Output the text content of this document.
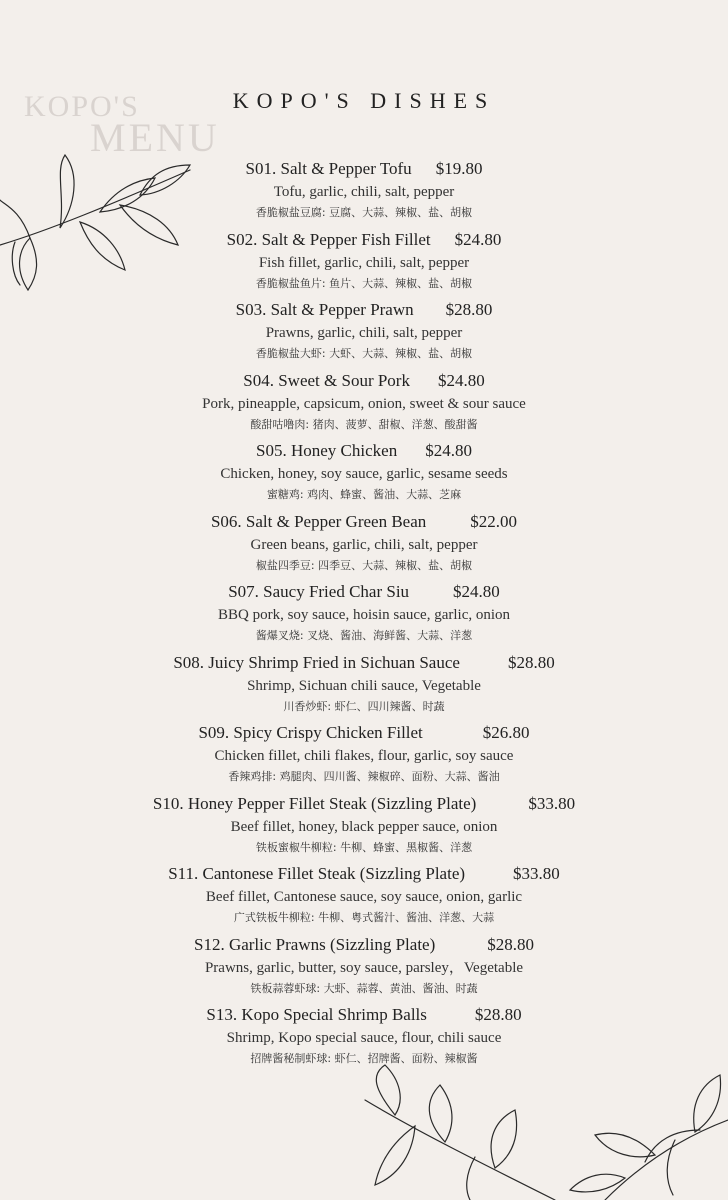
KOPO'S
MENU
KOPO'S DISHES
S01. Salt & Pepper Tofu $19.80
Tofu, garlic, chili, salt, pepper
香脆椒盐豆腐: 豆腐、大蒜、辣椒、盐、胡椒
S02. Salt & Pepper Fish Fillet $24.80
Fish fillet, garlic, chili, salt, pepper
香脆椒盐鱼片: 鱼片、大蒜、辣椒、盐、胡椒
S03. Salt & Pepper Prawn $28.80
Prawns, garlic, chili, salt, pepper
香脆椒盐大虾: 大虾、大蒜、辣椒、盐、胡椒
S04. Sweet & Sour Pork $24.80
Pork, pineapple, capsicum, onion, sweet & sour sauce
酸甜咕噜肉: 猪肉、菠萝、甜椒、洋葱、酸甜酱
S05. Honey Chicken $24.80
Chicken, honey, soy sauce, garlic, sesame seeds
蜜糖鸡: 鸡肉、蜂蜜、酱油、大蒜、芝麻
S06. Salt & Pepper Green Bean	$22.00
Green beans, garlic, chili, salt, pepper
椒盐四季豆: 四季豆、大蒜、辣椒、盐、胡椒
S07. Saucy Fried Char Siu	$24.80
BBQ pork, soy sauce, hoisin sauce, garlic, onion
酱爆叉烧: 叉烧、酱油、海鲜酱、大蒜、洋葱
S08. Juicy Shrimp Fried in Sichuan Sauce	$28.80
Shrimp, Sichuan chili sauce, Vegetable
川香炒虾: 虾仁、四川辣酱、时蔬
S09. Spicy Crispy Chicken Fillet	$26.80
Chicken fillet, chili flakes, flour, garlic, soy sauce
香辣鸡排: 鸡腿肉、四川酱、辣椒碎、面粉、大蒜、酱油
S10. Honey Pepper Fillet Steak (Sizzling Plate)	$33.80
Beef fillet, honey, black pepper sauce, onion
铁板蜜椒牛柳粒: 牛柳、蜂蜜、黑椒酱、洋葱
S11. Cantonese Fillet Steak (Sizzling Plate)	$33.80
Beef fillet, Cantonese sauce, soy sauce, onion, garlic
广式铁板牛柳粒: 牛柳、粤式酱汁、酱油、洋葱、大蒜
S12. Garlic Prawns (Sizzling Plate)	$28.80
Prawns, garlic, butter, soy sauce, parsley，Vegetable
铁板蒜蓉虾球: 大虾、蒜蓉、黄油、酱油、时蔬
S13. Kopo Special Shrimp Balls	$28.80
Shrimp, Kopo special sauce, flour, chili sauce
招牌酱秘制虾球: 虾仁、招牌酱、面粉、辣椒酱
